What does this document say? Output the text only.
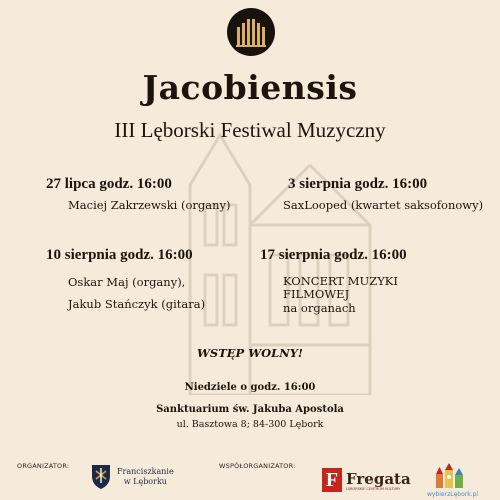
Jacobiensis
III Lęborski Festiwal Muzyczny
27 lipca godz. 16:00
Maciej Zakrzewski (organy)
3 sierpnia godz. 16:00
SaxLooped (kwartet saksofonowy)
10 sierpnia godz. 16:00
Oskar Maj (organy),
Jakub Stańczyk (gitara)
17 sierpnia godz. 16:00
KONCERT MUZYKI
FILMOWEJ
na organach
WSTĘP WOLNY!
Niedziele o godz. 16:00
Sanktuarium św. Jakuba Apostola
ul. Basztowa 8; 84-300 Lębork
ORGANIZATOR:
Franciszkanie
w Lęborku
WSPÓŁORGANIZATOR:
F Fregata
LĘBORSKIE CENTRUM KULTURY
wybierzLębork.pl
